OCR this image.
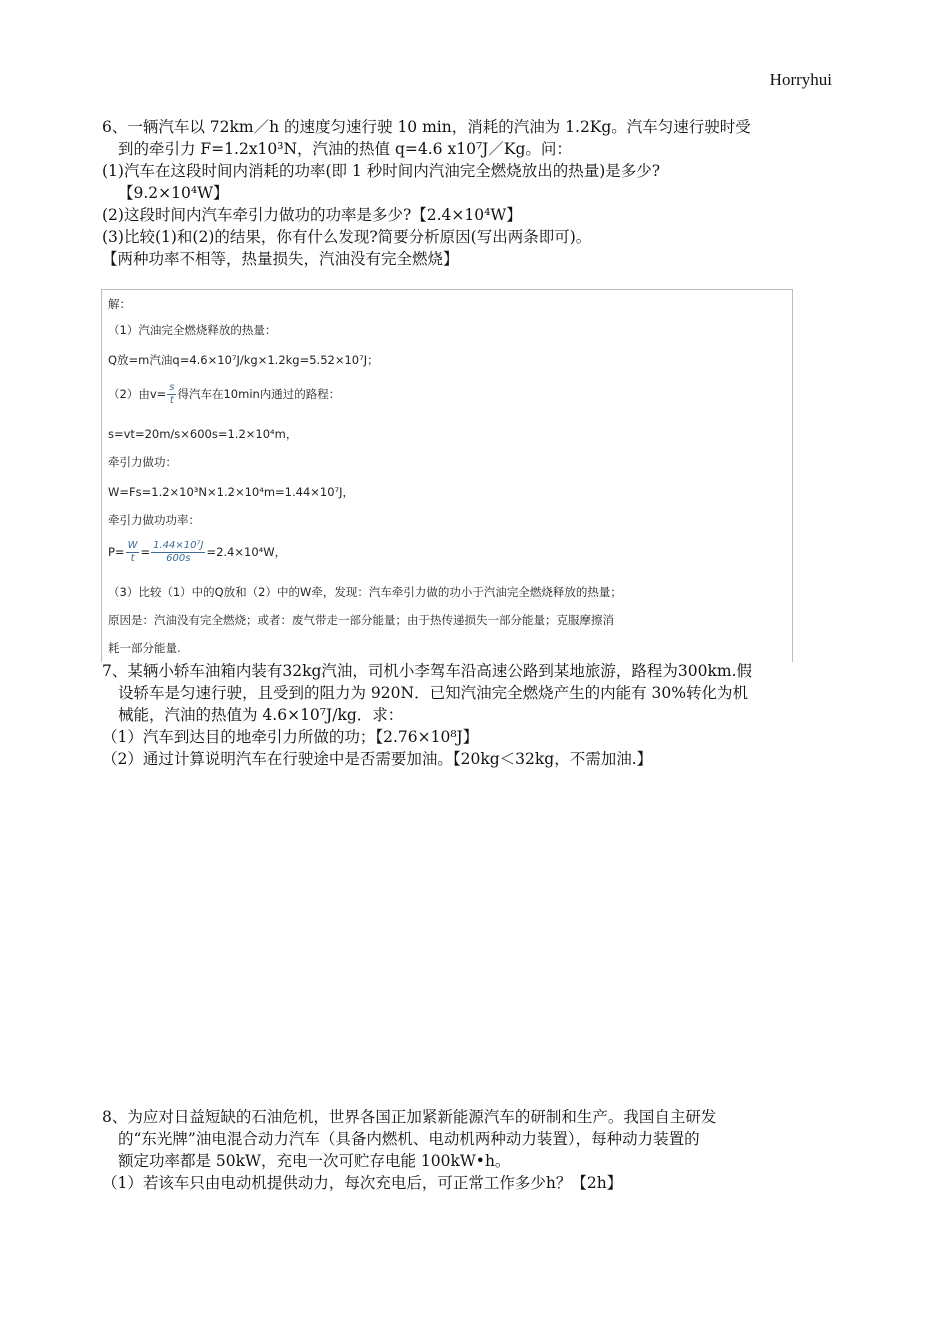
Horryhui
6、一辆汽车以 72km／h 的速度匀速行驶 10 min，消耗的汽油为 1.2Kg。汽车匀速行驶时受
到的牵引力 F=1.2x10³N，汽油的热值 q=4.6 x10⁷J／Kg。问：
(1)汽车在这段时间内消耗的功率(即 1 秒时间内汽油完全燃烧放出的热量)是多少?
【9.2×10⁴W】
(2)这段时间内汽车牵引力做功的功率是多少?【2.4×10⁴W】
(3)比较(1)和(2)的结果，你有什么发现?简要分析原因(写出两条即可)。
【两种功率不相等，热量损失，汽油没有完全燃烧】
解：
（1）汽油完全燃烧释放的热量：
Q放=m汽油q=4.6×10⁷J/kg×1.2kg=5.52×10⁷J；
（2）由$v= \frac{s}{t}$ 得汽车在10min内通过的路程：
s=vt=20m/s×600s=1.2×10⁴m，
牵引力做功：
W=Fs=1.2×10³N×1.2×10⁴m=1.44×10⁷J，
牵引力做功功率：
$P= \frac{W}{t} = \frac{\text{1.44×10⁷J}}{600s} =2.4\times 10^4W$，
（3）比较（1）中的Q放和（2）中的W牵，发现：汽车牵引力做的功小于汽油完全燃烧释放的热量；
原因是：汽油没有完全燃烧；或者：废气带走一部分能量；由于热传递损失一部分能量；克服摩擦消
耗一部分能量.
7、某辆小轿车油箱内装有32kg汽油，司机小李驾车沿高速公路到某地旅游，路程为300km.假
设轿车是匀速行驶，且受到的阻力为 920N．已知汽油完全燃烧产生的内能有 30%转化为机
械能，汽油的热值为 4.6×10⁷J/kg．求：
（1）汽车到达目的地牵引力所做的功；【2.76×10⁸J】
（2）通过计算说明汽车在行驶途中是否需要加油。【20kg＜32kg，不需加油.】
8、为应对日益短缺的石油危机，世界各国正加紧新能源汽车的研制和生产。我国自主研发
的“东光牌”油电混合动力汽车（具备内燃机、电动机两种动力装置），每种动力装置的
额定功率都是 50kW，充电一次可贮存电能 100kW•h。
（1）若该车只由电动机提供动力，每次充电后，可正常工作多少h？【2h】
